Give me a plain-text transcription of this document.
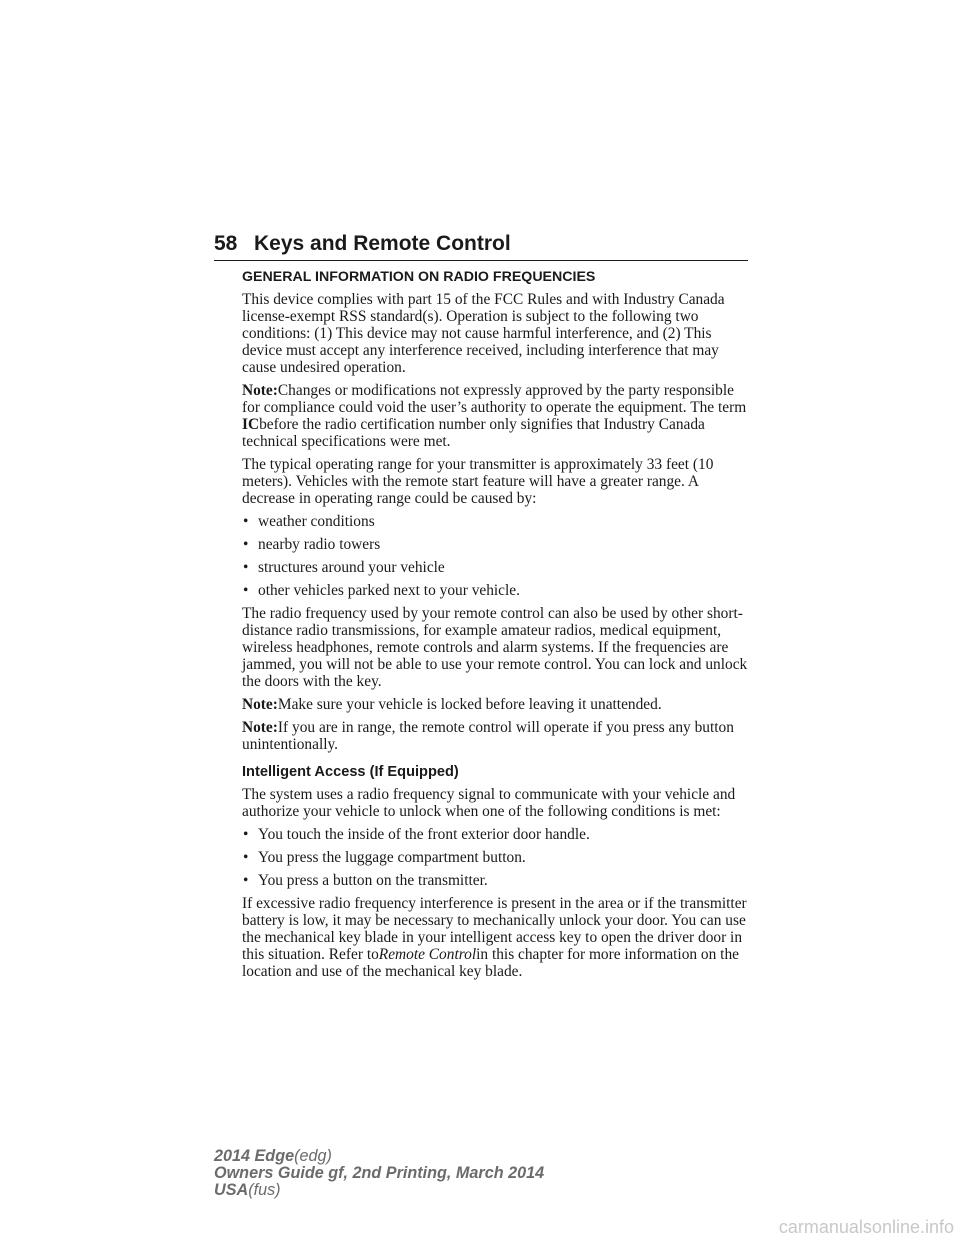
58 Keys and Remote Control
GENERAL INFORMATION ON RADIO FREQUENCIES

This device complies with part 15 of the FCC Rules and with Industry Canada license-exempt RSS standard(s). Operation is subject to the following two conditions: (1) This device may not cause harmful interference, and (2) This device must accept any interference received, including interference that may cause undesired operation.

Note:Changes or modifications not expressly approved by the party responsible for compliance could void the user’s authority to operate the equipment. The term ICbefore the radio certification number only signifies that Industry Canada technical specifications were met.

The typical operating range for your transmitter is approximately 33 feet (10 meters). Vehicles with the remote start feature will have a greater range. A decrease in operating range could be caused by:

• weather conditions
• nearby radio towers
• structures around your vehicle
• other vehicles parked next to your vehicle.

The radio frequency used by your remote control can also be used by other short-distance radio transmissions, for example amateur radios, medical equipment, wireless headphones, remote controls and alarm systems. If the frequencies are jammed, you will not be able to use your remote control. You can lock and unlock the doors with the key.

Note:Make sure your vehicle is locked before leaving it unattended.

Note:If you are in range, the remote control will operate if you press any button unintentionally.

Intelligent Access (If Equipped)

The system uses a radio frequency signal to communicate with your vehicle and authorize your vehicle to unlock when one of the following conditions is met:

• You touch the inside of the front exterior door handle.
• You press the luggage compartment button.
• You press a button on the transmitter.

If excessive radio frequency interference is present in the area or if the transmitter battery is low, it may be necessary to mechanically unlock your door. You can use the mechanical key blade in your intelligent access key to open the driver door in this situation. Refer toRemote Controlin this chapter for more information on the location and use of the mechanical key blade.

2014 Edge(edg)
Owners Guide gf, 2nd Printing, March 2014
USA(fus)
carmanualsonline.info
